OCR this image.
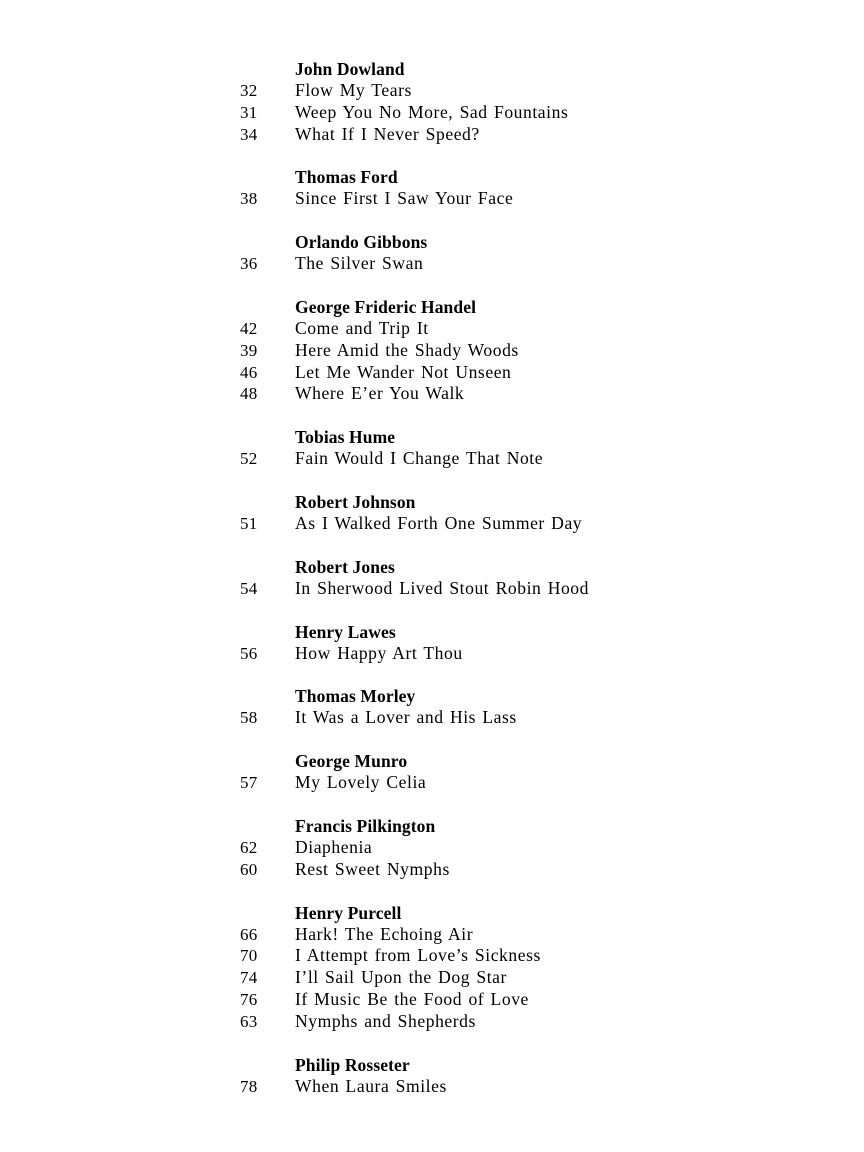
John Dowland
32	Flow My Tears
31	Weep You No More, Sad Fountains
34	What If I Never Speed?
Thomas Ford
38	Since First I Saw Your Face
Orlando Gibbons
36	The Silver Swan
George Frideric Handel
42	Come and Trip It
39	Here Amid the Shady Woods
46	Let Me Wander Not Unseen
48	Where E’er You Walk
Tobias Hume
52	Fain Would I Change That Note
Robert Johnson
51	As I Walked Forth One Summer Day
Robert Jones
54	In Sherwood Lived Stout Robin Hood
Henry Lawes
56	How Happy Art Thou
Thomas Morley
58	It Was a Lover and His Lass
George Munro
57	My Lovely Celia
Francis Pilkington
62	Diaphenia
60	Rest Sweet Nymphs
Henry Purcell
66	Hark! The Echoing Air
70	I Attempt from Love’s Sickness
74	I’ll Sail Upon the Dog Star
76	If Music Be the Food of Love
63	Nymphs and Shepherds
Philip Rosseter
78	When Laura Smiles
